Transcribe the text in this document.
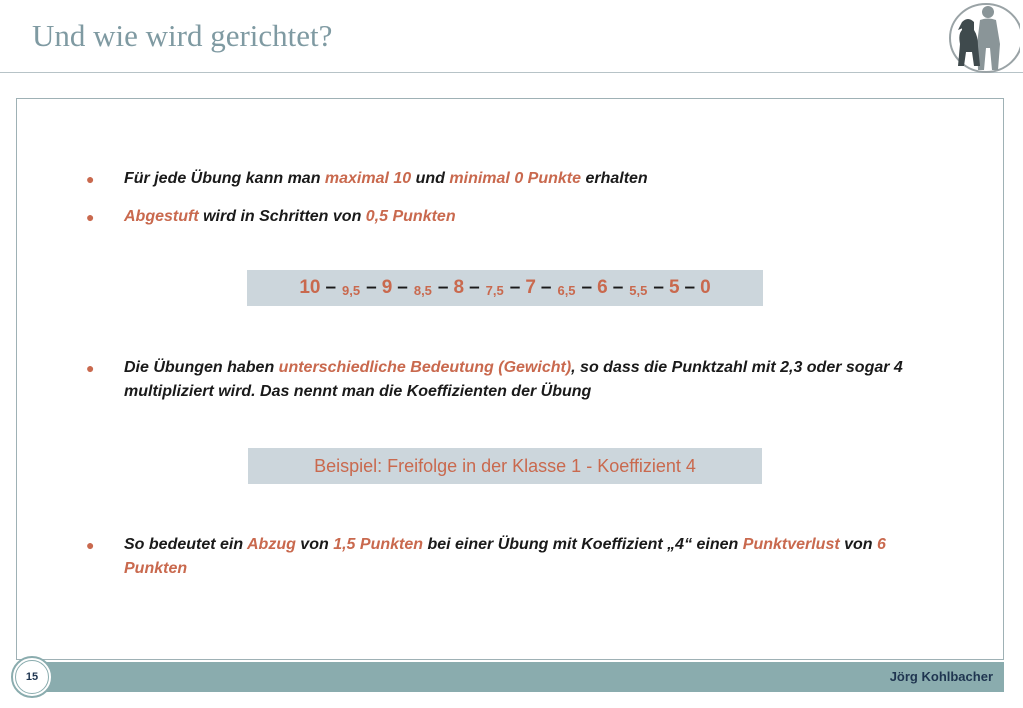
Und wie wird gerichtet?
●	Für jede Übung kann man maximal 10 und minimal 0 Punkte erhalten
●	Abgestuft wird in Schritten von 0,5 Punkten
10 – 9,5 – 9 – 8,5 – 8 – 7,5 – 7 – 6,5 – 6 – 5,5 – 5 – 0
●	Die Übungen haben unterschiedliche Bedeutung (Gewicht), so dass die Punktzahl mit 2,3 oder sogar 4 multipliziert wird. Das nennt man die Koeffizienten der Übung
Beispiel: Freifolge in der Klasse 1 - Koeffizient 4
●	So bedeutet ein Abzug von 1,5 Punkten bei einer Übung mit Koeffizient „4“ einen Punktverlust von 6 Punkten
15	Jörg Kohlbacher
